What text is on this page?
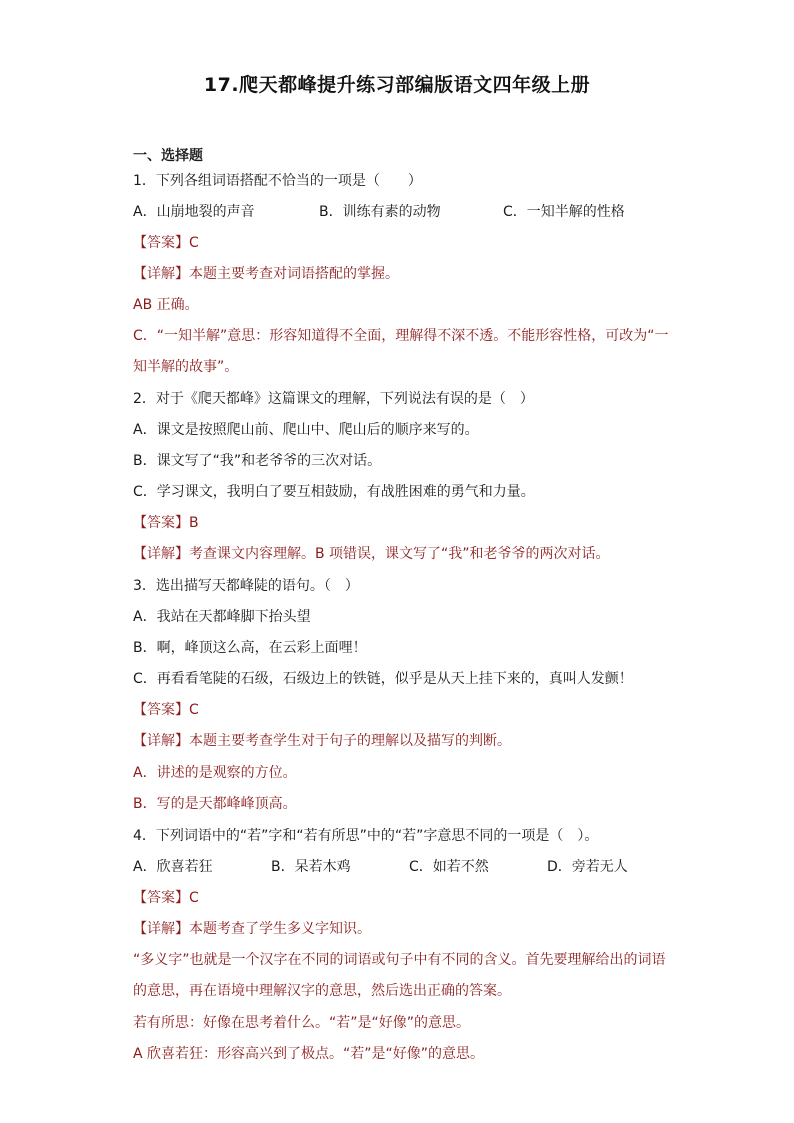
17.爬天都峰提升练习部编版语文四年级上册
一、选择题
1．下列各组词语搭配不恰当的一项是（　　）
A．山崩地裂的声音	B．训练有素的动物	C．一知半解的性格
【答案】C
【详解】本题主要考查对词语搭配的掌握。
AB 正确。
C．“一知半解”意思：形容知道得不全面，理解得不深不透。不能形容性格，可改为“一
知半解的故事”。
2．对于《爬天都峰》这篇课文的理解，下列说法有误的是（　）
A．课文是按照爬山前、爬山中、爬山后的顺序来写的。
B．课文写了“我”和老爷爷的三次对话。
C．学习课文，我明白了要互相鼓励，有战胜困难的勇气和力量。
【答案】B
【详解】考查课文内容理解。B 项错误，课文写了“我”和老爷爷的两次对话。
3．选出描写天都峰陡的语句。（　）
A．我站在天都峰脚下抬头望
B．啊，峰顶这么高，在云彩上面哩！
C．再看看笔陡的石级，石级边上的铁链，似乎是从天上挂下来的，真叫人发颤！
【答案】C
【详解】本题主要考查学生对于句子的理解以及描写的判断。
A．讲述的是观察的方位。
B．写的是天都峰峰顶高。
4．下列词语中的“若”字和“若有所思”中的“若”字意思不同的一项是（　）。
A．欣喜若狂	B．呆若木鸡	C．如若不然	D．旁若无人
【答案】C
【详解】本题考查了学生多义字知识。
“多义字”也就是一个汉字在不同的词语或句子中有不同的含义。首先要理解给出的词语
的意思，再在语境中理解汉字的意思，然后选出正确的答案。
若有所思：好像在思考着什么。“若”是“好像”的意思。
A 欣喜若狂：形容高兴到了极点。“若”是“好像”的意思。
